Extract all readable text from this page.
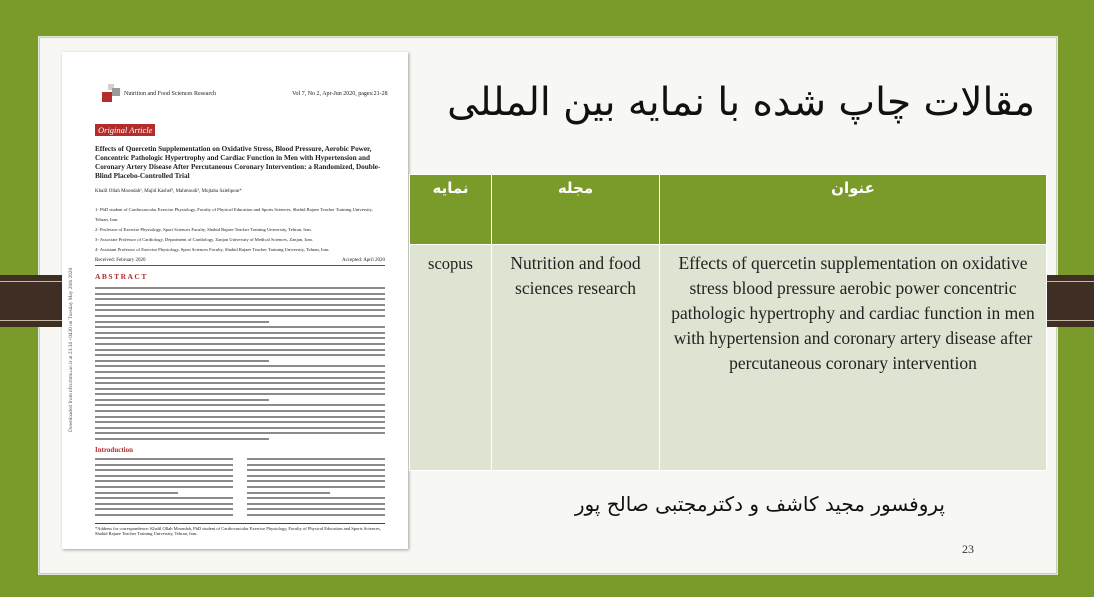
Downloaded from nfsr.sbmu.ac.ir at 23:34 +0430 on Tuesday May 26th 2020
Nutrition and Food Sciences Research	Vol 7, No 2, Apr-Jun 2020, pages:21-28
Original Article
Effects of Quercetin Supplementation on Oxidative Stress, Blood Pressure, Aerobic Power, Concentric Pathologic Hypertrophy and Cardiac Function in Men with Hypertension and Coronary Artery Disease After Percutaneous Coronary Intervention: a Randomized, Double-Blind Placebo-Controlled Trial
Khalil Ollah Moondah¹, Majid Kashef², Mahmoudi³, Mojtaba Salehpour⁴
1- PhD student of Cardiovascular Exercise Physiology, Faculty of Physical Education and Sports Sciences, Shahid Rajaee Teacher Training University, Tehran, Iran.
2- Professor of Exercise Physiology, Sport Sciences Faculty, Shahid Rajaee Teacher Training University, Tehran, Iran.
3- Associate Professor of Cardiology, Department of Cardiology, Zanjan University of Medical Sciences, Zanjan, Iran.
4- Assistant Professor of Exercise Physiology, Sport Sciences Faculty, Shahid Rajaee Teacher Training University, Tehran, Iran.
Received: February 2020	Accepted: April 2020
ABSTRACT
Introduction
*Address for correspondence: Khalil Ollah Moondah, PhD student of Cardiovascular Exercise Physiology, Faculty of Physical Education and Sports Sciences, Shahid Rajaee Teacher Training University, Tehran, Iran.
مقالات چاپ شده با نمایه بین المللی
نمایه	مجله	عنوان
scopus	Nutrition and food sciences research	Effects of quercetin supplementation on oxidative stress blood pressure aerobic power concentric pathologic hypertrophy and cardiac function in men with hypertension and coronary artery disease after percutaneous coronary intervention
پروفسور مجید کاشف و دکترمجتبی صالح پور
23
